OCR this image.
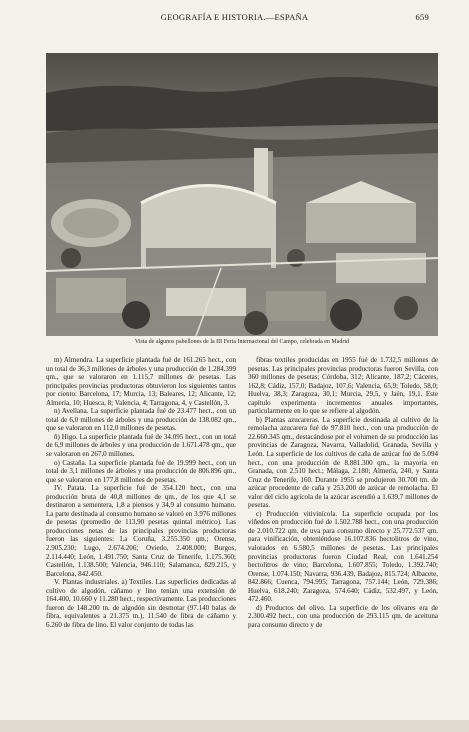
GEOGRAFÍA E HISTORIA.—ESPAÑA	659
Vista de algunos pabellones de la III Feria Internacional del Campo, celebrada en Madrid

m) Almendra. La superficie plantada fué de 161.265 hect., con un total de 36,3 millones de árboles y una producción de 1.284.399 qm., que se valoraron en 1.115,7 millones de pesetas. Las principales provincias productoras obtuvieron los siguientes tantos por ciento: Barcelona, 17; Murcia, 13; Baleares, 12; Alicante, 12; Almería, 10; Huesca, 8; Valencia, 4; Tarragona, 4, y Castellón, 3.

n) Avellana. La superficie plantada fué de 23.477 hect., con un total de 6,0 millones de árboles y una producción de 138.082 qm., que se valoraron en 112,0 millones de pesetas.

ñ) Higo. La superficie plantada fué de 34.095 hect., con un total de 6,9 millones de árboles y una producción de 1.671.478 qm., que se valoraron en 267,0 millones.

o) Castaña. La superficie plantada fué de 19.999 hect., con un total de 3,1 millones de árboles y una producción de 806.896 qm., que se valoraron en 177,8 millones de pesetas.

IV. Patata. La superficie fué de 354.120 hect., con una producción bruta de 40,8 millones de qm., de los que 4,1 se destinaron a sementera, 1,8 a piensos y 34,9 al consumo humano. La parte destinada al consumo humano se valoró en 3.976 millones de pesetas (promedio de 113,90 pesetas quintal métrico). Las producciones netas de las principales provincias productoras fueron las siguientes: La Coruña, 3.255.350 qm.; Orense, 2.905.230; Lugo, 2.674.206; Oviedo, 2.408.000; Burgos, 2.114.440; León, 1.491.750; Santa Cruz de Tenerife, 1.175.360; Castellón, 1.138.500; Valencia, 946.110; Salamanca, 829.215, y Barcelona, 842.450.

V. Plantas industriales. a) Textiles. Las superficies dedicadas al cultivo de algodón, cáñamo y lino tenían una extensión de 164.400, 10.660 y 11.280 hect., respectivamente. Las producciones fueron de 148.200 tn. de algodón sin desmotar (97.140 balas de fibra, equivalentes a 21.375 tn.), 11.540 de fibra de cáñamo y 6.260 de fibra de lino. El valor conjunto de todas las

fibras textiles producidas en 1955 fué de 1.732,5 millones de pesetas. Las principales provincias productoras fueron Sevilla, con 360 millones de pesetas; Córdoba, 312; Alicante, 187,2; Cáceres, 162,8; Cádiz, 157,0; Badajoz, 107,6; Valencia, 65,9; Toledo, 58,0; Huelva, 38,3; Zaragoza, 30,1; Murcia, 29,5, y Jaén, 19,1. Este capítulo experimenta incrementos anuales importantes, particularmente en lo que se refiere al algodón.

b) Plantas azucareras. La superficie destinada al cultivo de la remolacha azucarera fué de 97.810 hect., con una producción de 22.660.345 qm., destacándose por el volumen de su producción las provincias de Zaragoza, Navarra, Valladolid, Granada, Sevilla y León. La superficie de los cultivos de caña de azúcar fué de 5.094 hect., con una producción de 8.881.300 qm., la mayoría en Granada, con 2.510 hect.; Málaga, 2.180; Almería, 240, y Santa Cruz de Tenerife, 160. Durante 1955 se produjeron 30.700 tm. de azúcar procedente de caña y 253.200 de azúcar de remolacha. El valor del ciclo agrícola de la azúcar ascendió a 1.639,7 millones de pesetas.

c) Producción vitivinícola. La superficie ocupada por los viñedos en producción fué de 1.502.788 hect., con una producción de 2.010.722 qm. de uva para consumo directo y 25.772.537 qm. para vinificación, obteniéndose 16.107.836 hectolitros de vino, valorados en 6.580,5 millones de pesetas. Las principales provincias productoras fueron Ciudad Real, con 1.641.254 hectolitros de vino; Barcelona, 1.607.855; Toledo, 1.392.740; Orense, 1.074.150; Navarra, 936.439, Badajoz, 815.724; Albacete, 842.866; Cuenca, 794.995; Tarragona, 757.144; León, 729.386; Huelva, 618.240; Zaragoza, 574.640; Cádiz, 532.497, y León, 472.460.

d) Productos del olivo. La superficie de los olivares era de 2.300.492 hect., con una producción de 293.115 qm. de aceituna para consumo directo y de
